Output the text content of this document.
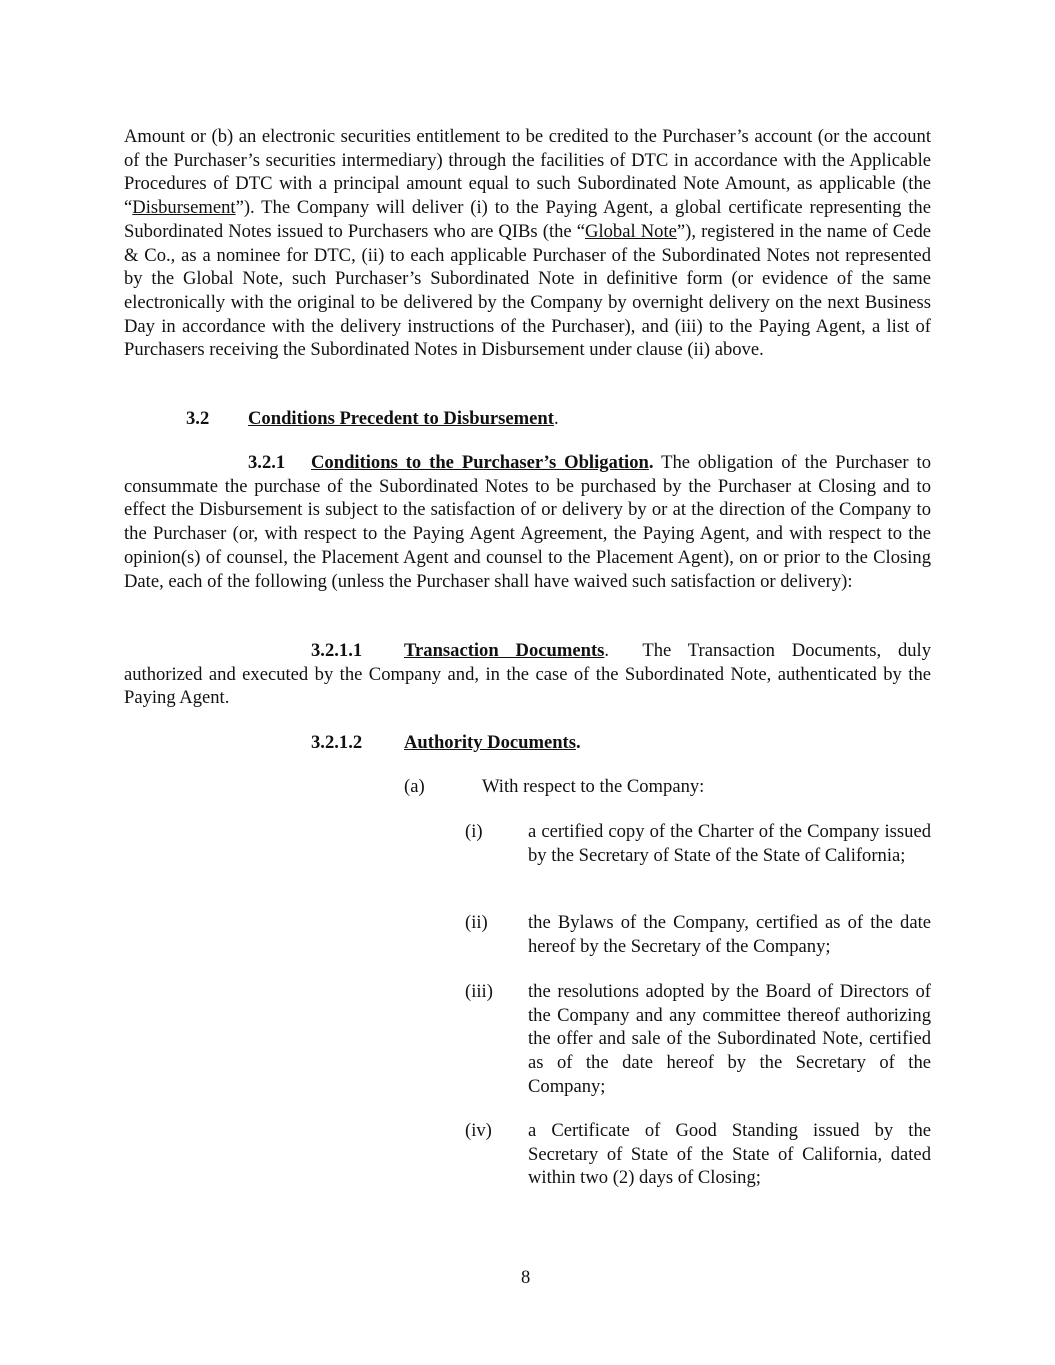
Amount or (b) an electronic securities entitlement to be credited to the Purchaser’s account (or the account of the Purchaser’s securities intermediary) through the facilities of DTC in accordance with the Applicable Procedures of DTC with a principal amount equal to such Subordinated Note Amount, as applicable (the “Disbursement”). The Company will deliver (i) to the Paying Agent, a global certificate representing the Subordinated Notes issued to Purchasers who are QIBs (the “Global Note”), registered in the name of Cede & Co., as a nominee for DTC, (ii) to each applicable Purchaser of the Subordinated Notes not represented by the Global Note, such Purchaser’s Subordinated Note in definitive form (or evidence of the same electronically with the original to be delivered by the Company by overnight delivery on the next Business Day in accordance with the delivery instructions of the Purchaser), and (iii) to the Paying Agent, a list of Purchasers receiving the Subordinated Notes in Disbursement under clause (ii) above.
3.2 Conditions Precedent to Disbursement.
3.2.1 Conditions to the Purchaser’s Obligation. The obligation of the Purchaser to consummate the purchase of the Subordinated Notes to be purchased by the Purchaser at Closing and to effect the Disbursement is subject to the satisfaction of or delivery by or at the direction of the Company to the Purchaser (or, with respect to the Paying Agent Agreement, the Paying Agent, and with respect to the opinion(s) of counsel, the Placement Agent and counsel to the Placement Agent), on or prior to the Closing Date, each of the following (unless the Purchaser shall have waived such satisfaction or delivery):
3.2.1.1 Transaction Documents.  The Transaction Documents, duly authorized and executed by the Company and, in the case of the Subordinated Note, authenticated by the Paying Agent.
3.2.1.2 Authority Documents.
(a)	With respect to the Company:
(i) a certified copy of the Charter of the Company issued by the Secretary of State of the State of California;
(ii) the Bylaws of the Company, certified as of the date hereof by the Secretary of the Company;
(iii) the resolutions adopted by the Board of Directors of the Company and any committee thereof authorizing the offer and sale of the Subordinated Note, certified as of the date hereof by the Secretary of the Company;
(iv) a Certificate of Good Standing issued by the Secretary of State of the State of California, dated within two (2) days of Closing;
8
